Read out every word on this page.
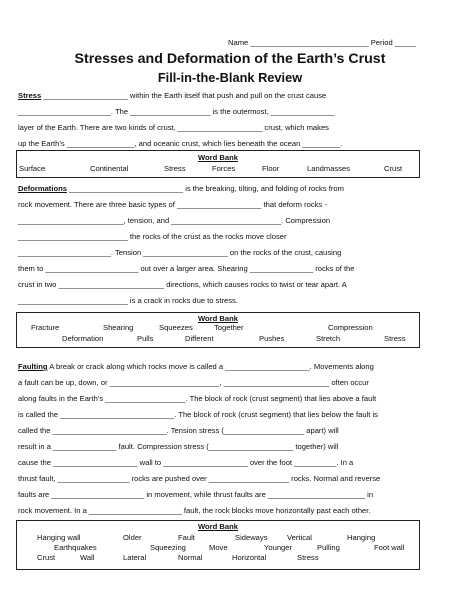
Name ____________________________ Period _____
Stresses and Deformation of the Earth’s Crust
Fill-in-the-Blank Review
Stress ____________________ within the Earth itself that push and pull on the crust cause
______________________. The ___________________ is the outermost, _______________
layer of the Earth. There are two kinds of crust, ____________________ crust, which makes
up the Earth’s ________________, and oceanic crust, which lies beneath the ocean _________.
Word Bank
Surface	Continental	Stress	Forces	Floor	Landmasses	Crust
Deformations ___________________________ is the breaking, tilting, and folding of rocks from
rock movement. There are three basic types of ____________________ that deform rocks -
_________________________, tension, and __________________________. Compression
__________________________ the rocks of the crust as the rocks move closer
______________________. Tension ____________________ on the rocks of the crust, causing
them to ______________________ out over a larger area. Shearing _______________ rocks of the
crust in two _________________________ directions, which causes rocks to twist or tear apart. A
__________________________ is a crack in rocks due to stress.
Word Bank
Fracture	Shearing	Squeezes	Together	Compression
Deformation	Pulls	Different	Pushes	Stretch	Stress
Faulting A break or crack along which rocks move is called a ____________________. Movements along
a fault can be up, down, or __________________________, _________________________ often occur
along faults in the Earth’s ___________________. The block of rock (crust segment) that lies above a fault
is called the ___________________________. The block of rock (crust segment) that lies below the fault is
called the ___________________________. Tension stress (___________________ apart) will
result in a _______________ fault. Compression stress (____________________ together) will
cause the ____________________ wall to ____________________ over the foot __________. In a
thrust fault, _________________ rocks are pushed over ___________________ rocks. Normal and reverse
faults are ______________________ in movement, while thrust faults are _______________________ in
rock movement. In a ______________________ fault, the rock blocks move horizontally past each other.
Word Bank
Hanging wall	Older	Fault	Sideways	Vertical	Hanging
Earthquakes	Squeezing	Move	Younger	Pulling	Foot wall
Crust	Wall	Lateral	Normal	Horizontal	Stress
